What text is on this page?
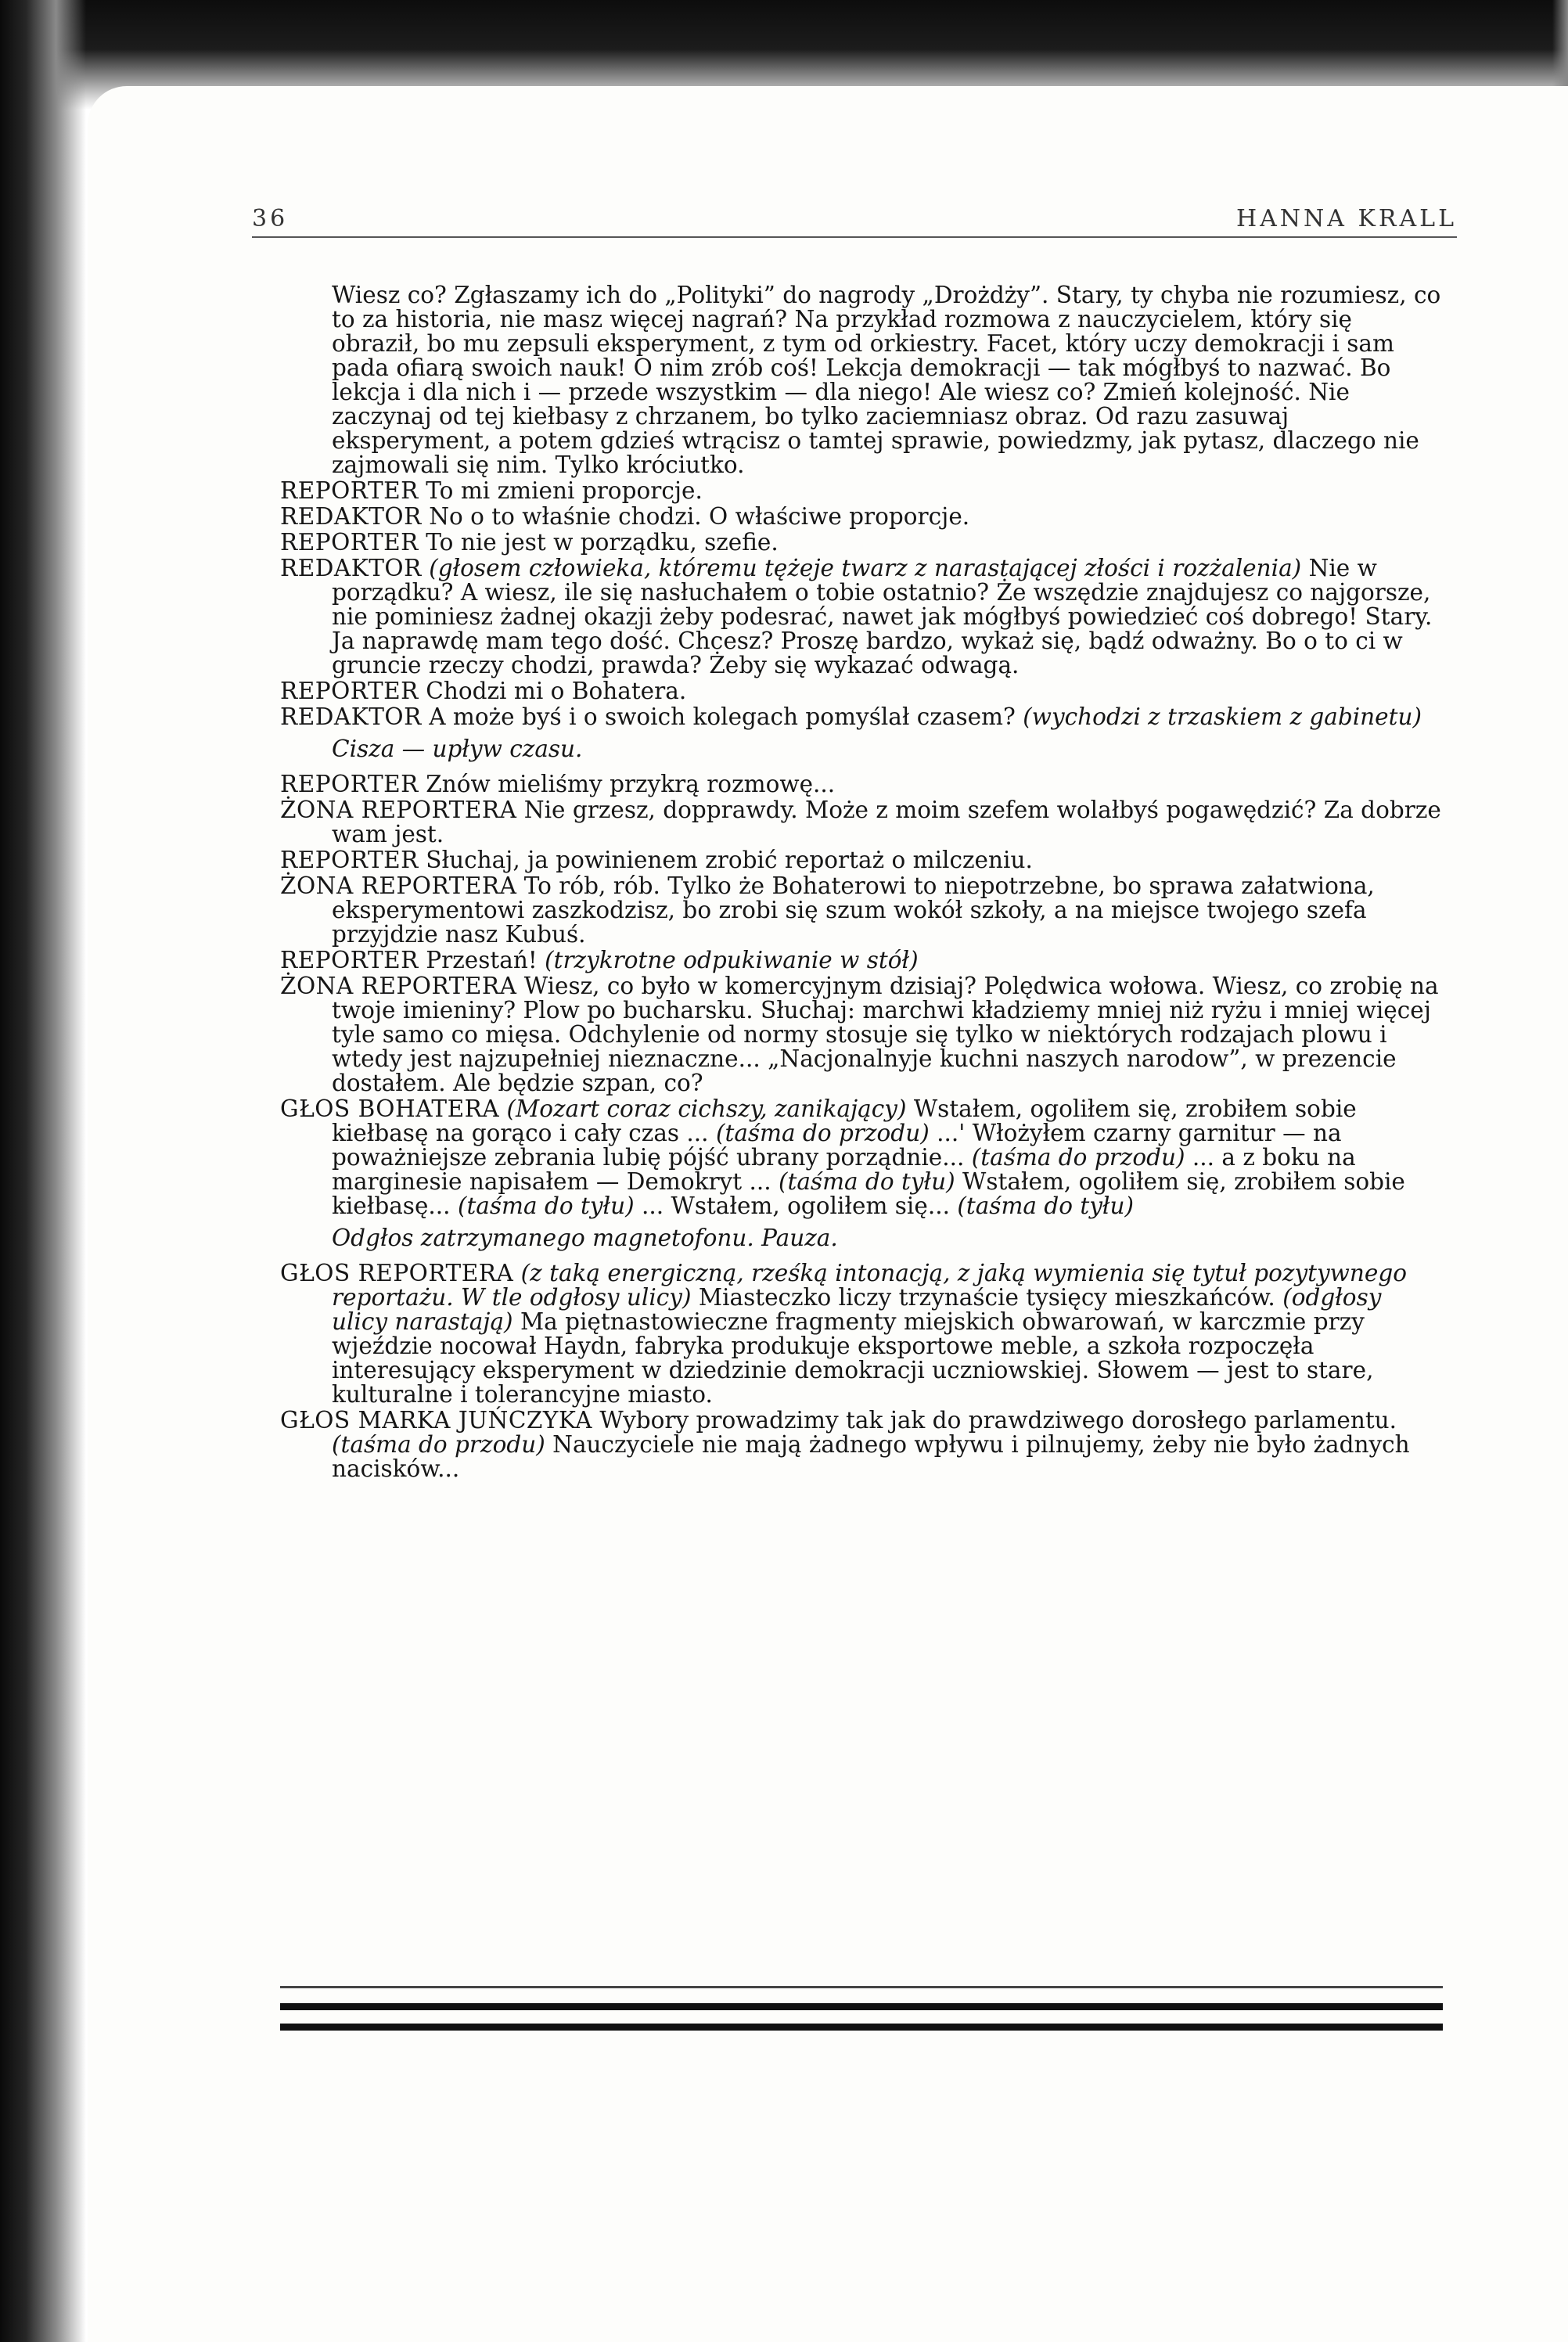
36	HANNA KRALL

Wiesz co? Zgłaszamy ich do „Polityki” do nagrody „Drożdży”. Stary, ty chyba nie rozumiesz, co to za historia, nie masz więcej nagrań? Na przykład rozmowa z nauczycielem, który się obraził, bo mu zepsuli eksperyment, z tym od orkiestry. Facet, który uczy demokracji i sam pada ofiarą swoich nauk! O nim zrób coś! Lekcja demokracji — tak mógłbyś to nazwać. Bo lekcja i dla nich i — przede wszystkim — dla niego! Ale wiesz co? Zmień kolejność. Nie zaczynaj od tej kiełbasy z chrzanem, bo tylko zaciemniasz obraz. Od razu zasuwaj eksperyment, a potem gdzieś wtrącisz o tamtej sprawie, powiedzmy, jak pytasz, dlaczego nie zajmowali się nim. Tylko króciutko.

REPORTER To mi zmieni proporcje.

REDAKTOR No o to właśnie chodzi. O właściwe proporcje.

REPORTER To nie jest w porządku, szefie.

REDAKTOR (głosem człowieka, któremu tężeje twarz z narastającej złości i rozżalenia) Nie w porządku? A wiesz, ile się nasłuchałem o tobie ostatnio? Że wszędzie znajdujesz co najgorsze, nie pominiesz żadnej okazji żeby podesrać, nawet jak mógłbyś powiedzieć coś dobrego! Stary. Ja naprawdę mam tego dość. Chcesz? Proszę bardzo, wykaż się, bądź odważny. Bo o to ci w gruncie rzeczy chodzi, prawda? Żeby się wykazać odwagą.

REPORTER Chodzi mi o Bohatera.

REDAKTOR A może byś i o swoich kolegach pomyślał czasem? (wychodzi z trzaskiem z gabinetu)

Cisza — upływ czasu.

REPORTER Znów mieliśmy przykrą rozmowę...

ŻONA REPORTERA Nie grzesz, dopprawdy. Może z moim szefem wolałbyś pogawędzić? Za dobrze wam jest.

REPORTER Słuchaj, ja powinienem zrobić reportaż o milczeniu.

ŻONA REPORTERA To rób, rób. Tylko że Bohaterowi to niepotrzebne, bo sprawa załatwiona, eksperymentowi zaszkodzisz, bo zrobi się szum wokół szkoły, a na miejsce twojego szefa przyjdzie nasz Kubuś.

REPORTER Przestań! (trzykrotne odpukiwanie w stół)

ŻONA REPORTERA Wiesz, co było w komercyjnym dzisiaj? Polędwica wołowa. Wiesz, co zrobię na twoje imieniny? Plow po bucharsku. Słuchaj: marchwi kładziemy mniej niż ryżu i mniej więcej tyle samo co mięsa. Odchylenie od normy stosuje się tylko w niektórych rodzajach plowu i wtedy jest najzupełniej nieznaczne... „Nacjonalnyje kuchni naszych narodow”, w prezencie dostałem. Ale będzie szpan, co?

GŁOS BOHATERA (Mozart coraz cichszy, zanikający) Wstałem, ogoliłem się, zrobiłem sobie kiełbasę na gorąco i cały czas ... (taśma do przodu) ...' Włożyłem czarny garnitur — na poważniejsze zebrania lubię pójść ubrany porządnie... (taśma do przodu) ... a z boku na marginesie napisałem — Demokryt ... (taśma do tyłu) Wstałem, ogoliłem się, zrobiłem sobie kiełbasę... (taśma do tyłu) ... Wstałem, ogoliłem się... (taśma do tyłu)

Odgłos zatrzymanego magnetofonu. Pauza.

GŁOS REPORTERA (z taką energiczną, rześką intonacją, z jaką wymienia się tytuł pozytywnego reportażu. W tle odgłosy ulicy) Miasteczko liczy trzynaście tysięcy mieszkańców. (odgłosy ulicy narastają) Ma piętnastowieczne fragmenty miejskich obwarowań, w karczmie przy wjeździe nocował Haydn, fabryka produkuje eksportowe meble, a szkoła rozpoczęła interesujący eksperyment w dziedzinie demokracji uczniowskiej. Słowem — jest to stare, kulturalne i tolerancyjne miasto.

GŁOS MARKA JUŃCZYKA Wybory prowadzimy tak jak do prawdziwego dorosłego parlamentu. (taśma do przodu) Nauczyciele nie mają żadnego wpływu i pilnujemy, żeby nie było żadnych nacisków...
